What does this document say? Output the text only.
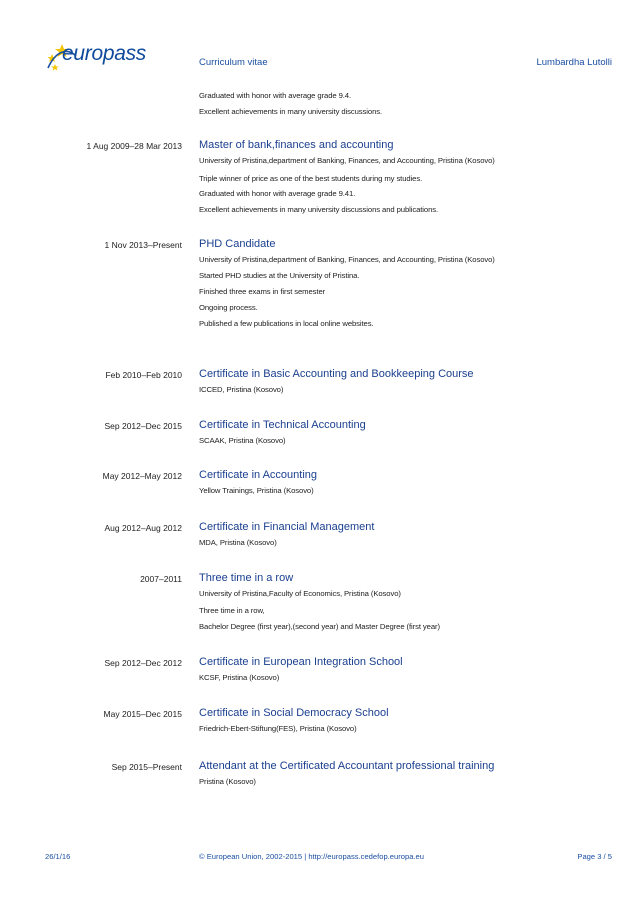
europass	Curriculum vitae	Lumbardha Lutolli
Graduated with honor with average grade 9.4.
Excellent achievements in many university discussions.
1 Aug 2009–28 Mar 2013 Master of bank,finances and accounting
University of Pristina,department of Banking, Finances, and Accounting, Pristina (Kosovo)
Triple winner of price as one of the best students during my studies.
Graduated with honor with average grade 9.41.
Excellent achievements in many university discussions and publications.
1 Nov 2013–Present PHD Candidate
University of Pristina,department of Banking, Finances, and Accounting, Pristina (Kosovo)
Started PHD studies at the University of Pristina.
Finished three exams in first semester
Ongoing process.
Published a few publications in local online websites.
Feb 2010–Feb 2010 Certificate in Basic Accounting and Bookkeeping Course
ICCED, Pristina (Kosovo)
Sep 2012–Dec 2015 Certificate in Technical Accounting
SCAAK, Pristina (Kosovo)
May 2012–May 2012 Certificate in Accounting
Yellow Trainings, Pristina (Kosovo)
Aug 2012–Aug 2012 Certificate in Financial Management
MDA, Pristina (Kosovo)
2007–2011 Three time in a row
University of Pristina,Faculty of Economics, Pristina (Kosovo)
Three time in a row,
Bachelor Degree (first year),(second year) and Master Degree (first year)
Sep 2012–Dec 2012 Certificate in European Integration School
KCSF, Pristina (Kosovo)
May 2015–Dec 2015 Certificate in Social Democracy School
Friedrich-Ebert-Stiftung(FES), Pristina (Kosovo)
Sep 2015–Present Attendant at the Certificated Accountant professional training
Pristina (Kosovo)
26/1/16	© European Union, 2002-2015 | http://europass.cedefop.europa.eu	Page 3 / 5
